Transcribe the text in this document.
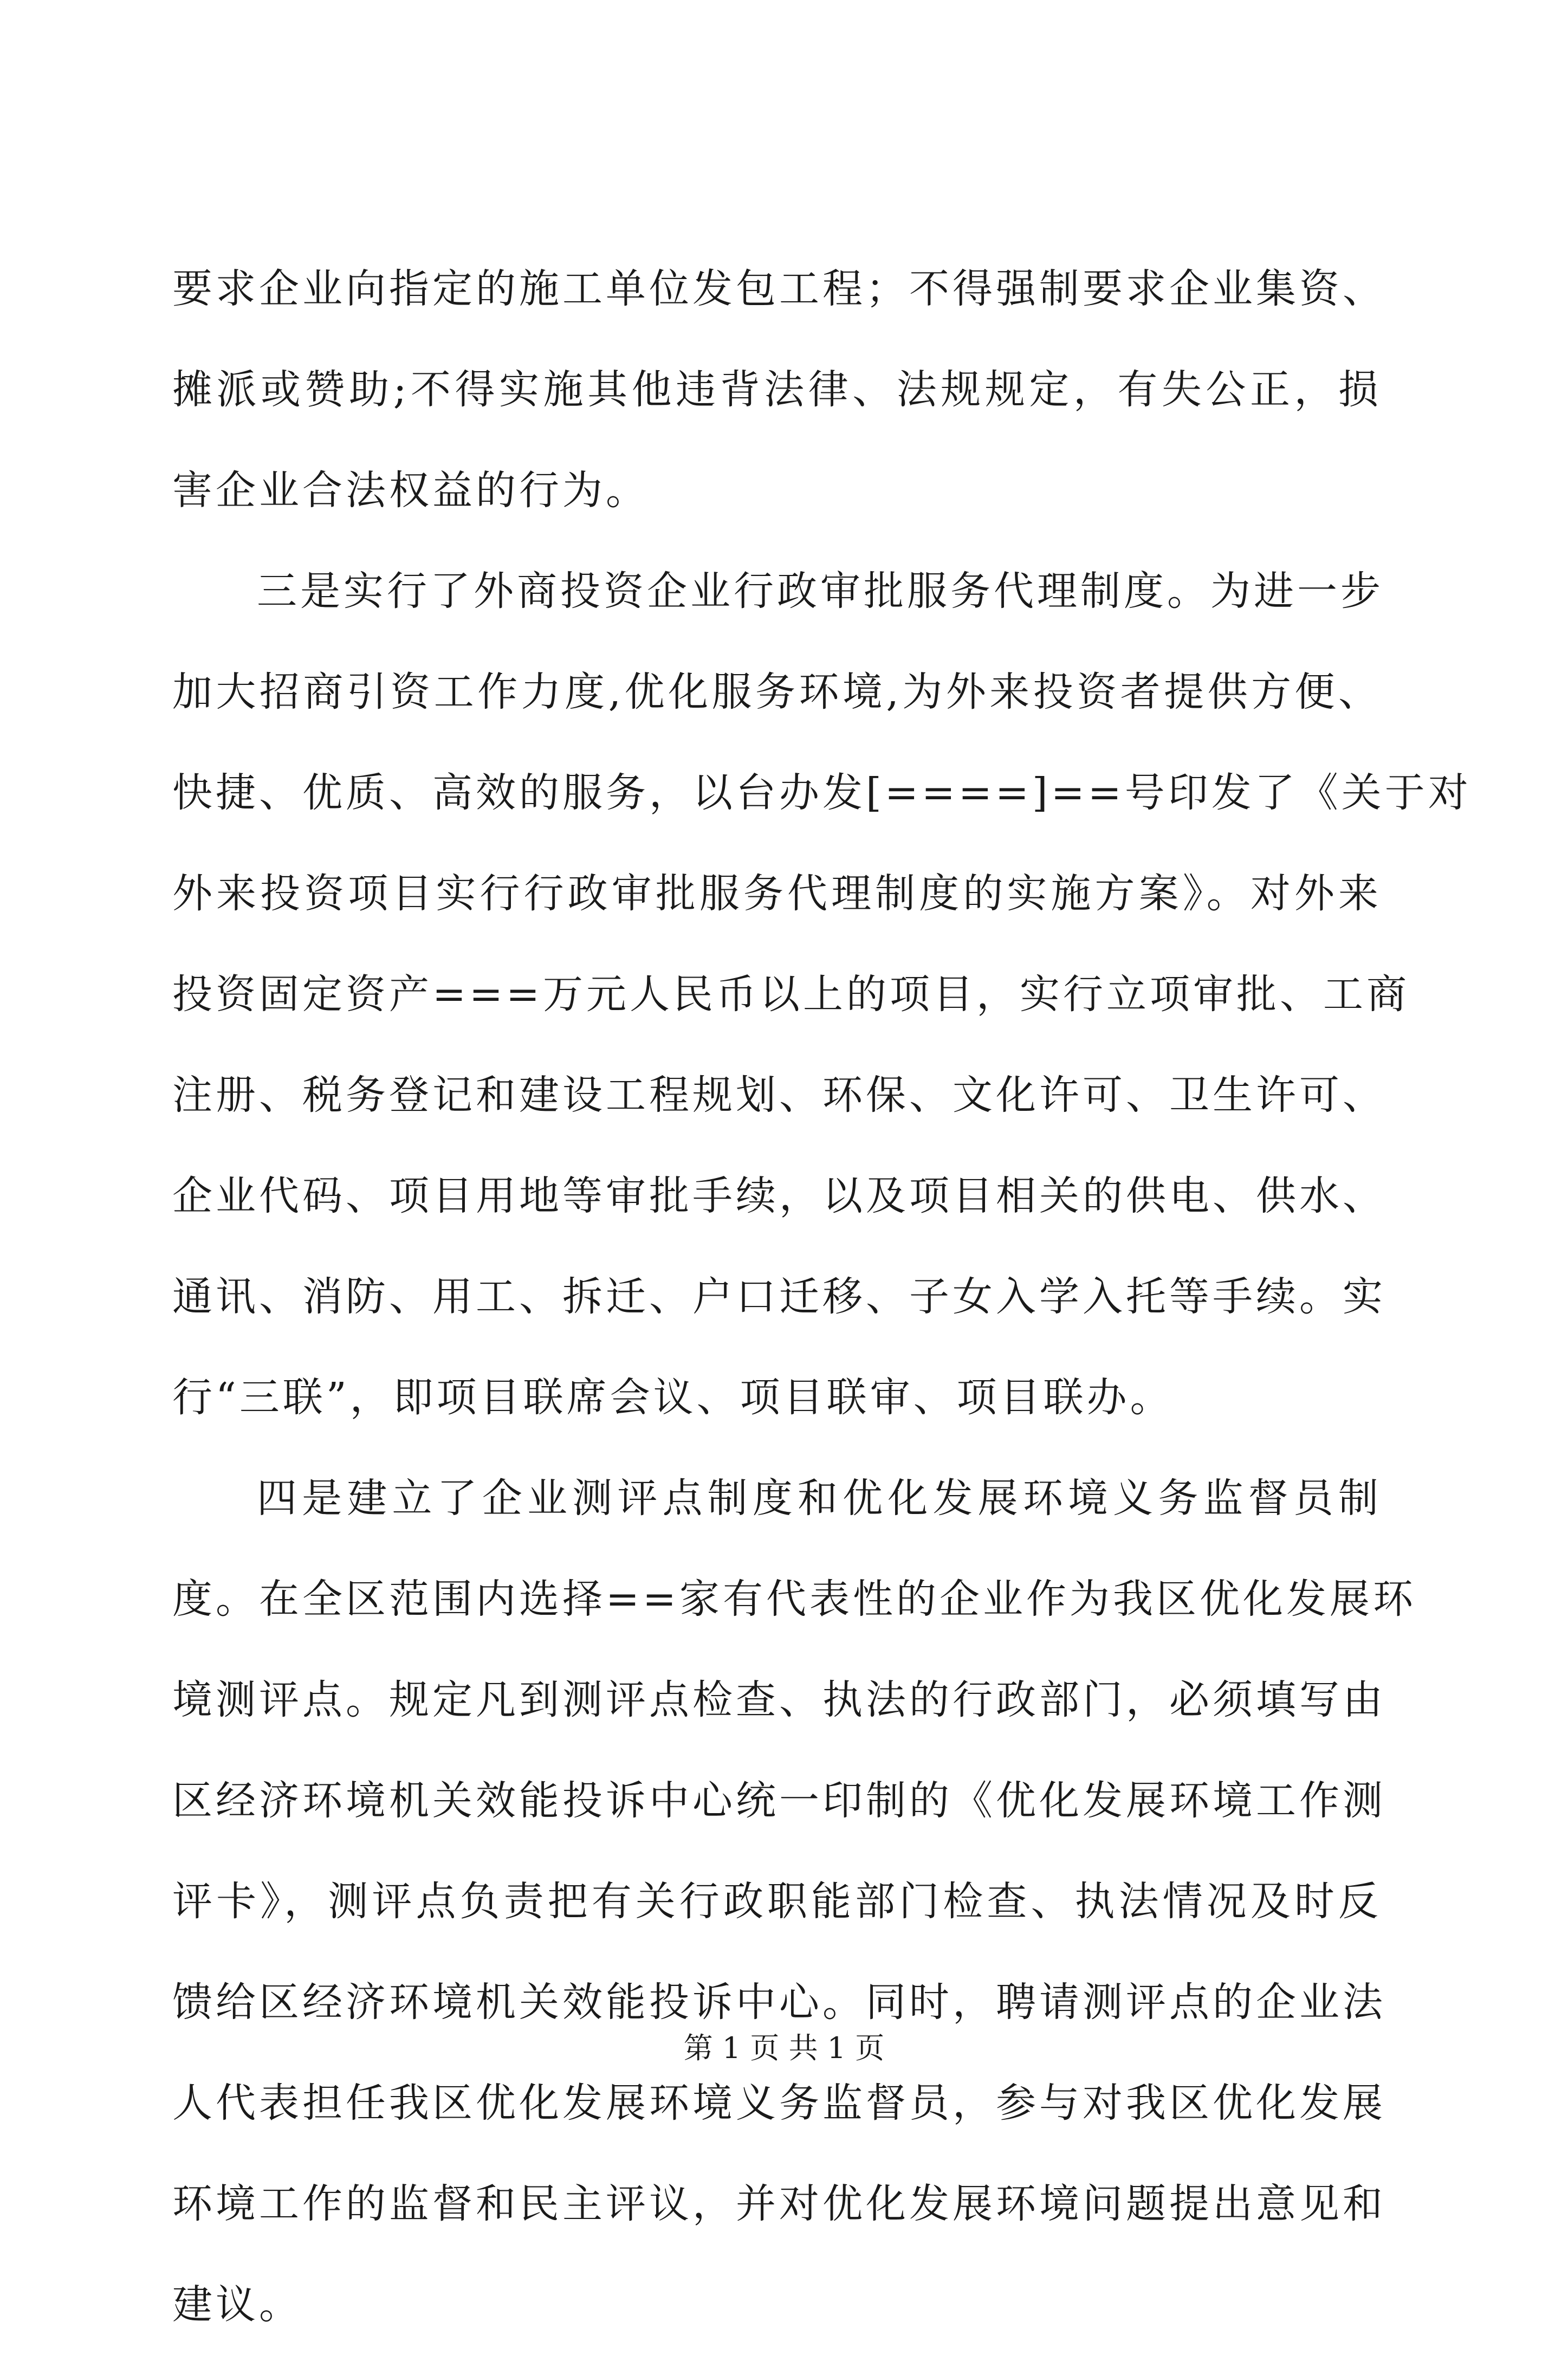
要求企业向指定的施工单位发包工程；不得强制要求企业集资、
摊派或赞助;不得实施其他违背法律、法规规定，有失公正，损
害企业合法权益的行为。
三是实行了外商投资企业行政审批服务代理制度。为进一步
加大招商引资工作力度,优化服务环境,为外来投资者提供方便、
快捷、优质、高效的服务，以台办发[====]==号印发了《关于对
外来投资项目实行行政审批服务代理制度的实施方案》。对外来
投资固定资产===万元人民币以上的项目，实行立项审批、工商
注册、税务登记和建设工程规划、环保、文化许可、卫生许可、
企业代码、项目用地等审批手续，以及项目相关的供电、供水、
通讯、消防、用工、拆迁、户口迁移、子女入学入托等手续。实
行“三联”，即项目联席会议、项目联审、项目联办。
四是建立了企业测评点制度和优化发展环境义务监督员制
度。在全区范围内选择==家有代表性的企业作为我区优化发展环
境测评点。规定凡到测评点检查、执法的行政部门，必须填写由
区经济环境机关效能投诉中心统一印制的《优化发展环境工作测
评卡》，测评点负责把有关行政职能部门检查、执法情况及时反
馈给区经济环境机关效能投诉中心。同时，聘请测评点的企业法
人代表担任我区优化发展环境义务监督员，参与对我区优化发展
环境工作的监督和民主评议，并对优化发展环境问题提出意见和
建议。
第 1 页 共 1 页
